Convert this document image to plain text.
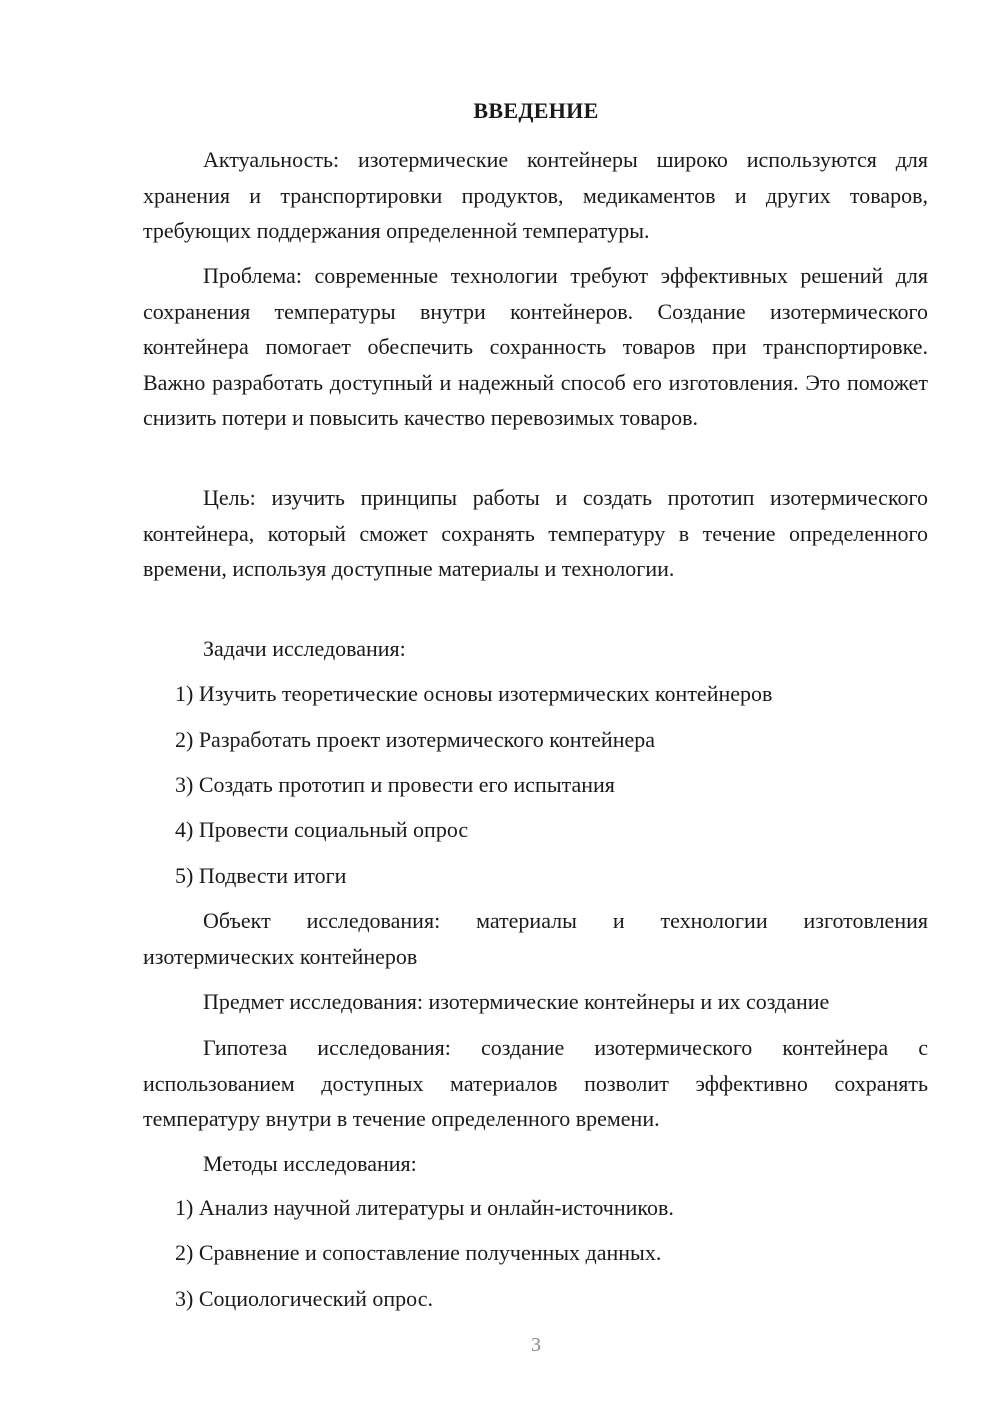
ВВЕДЕНИЕ

Актуальность: изотермические контейнеры широко используются для хранения и транспортировки продуктов, медикаментов и других товаров, требующих поддержания определенной температуры.

Проблема: современные технологии требуют эффективных решений для сохранения температуры внутри контейнеров. Создание изотермического контейнера помогает обеспечить сохранность товаров при транспортировке. Важно разработать доступный и надежный способ его изготовления. Это поможет снизить потери и повысить качество перевозимых товаров.

Цель: изучить принципы работы и создать прототип изотермического контейнера, который сможет сохранять температуру в течение определенного времени, используя доступные материалы и технологии.

Задачи исследования:

1) Изучить теоретические основы изотермических контейнеров

2) Разработать проект изотермического контейнера

3) Создать прототип и провести его испытания

4) Провести социальный опрос

5) Подвести итоги

Объект исследования: материалы и технологии изготовления изотермических контейнеров

Предмет исследования: изотермические контейнеры и их создание

Гипотеза исследования: создание изотермического контейнера с использованием доступных материалов позволит эффективно сохранять температуру внутри в течение определенного времени.

Методы исследования:

1) Анализ научной литературы и онлайн-источников.

2) Сравнение и сопоставление полученных данных.

3) Социологический опрос.

3
